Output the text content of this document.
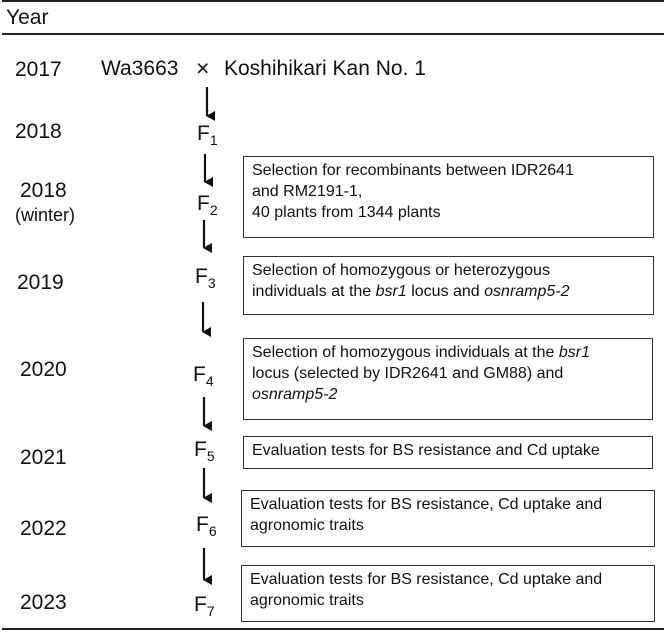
Year
2017 Wa3663 × Koshihikari Kan No. 1
2018
2018
(winter)
2019
2020
2021
2022
2023
$F_1$
$F_2$
$F_3$
$F_4$
$F_5$
$F_6$
$F_7$
Selection for recombinants between IDR2641
and RM2191-1,
40 plants from 1344 plants
Selection of homozygous or heterozygous
individuals at the bsr1 locus and osnramp5-2
Selection of homozygous individuals at the bsr1
locus (selected by IDR2641 and GM88) and
osnramp5-2
Evaluation tests for BS resistance and Cd uptake
Evaluation tests for BS resistance, Cd uptake and
agronomic traits
Evaluation tests for BS resistance, Cd uptake and
agronomic traits
